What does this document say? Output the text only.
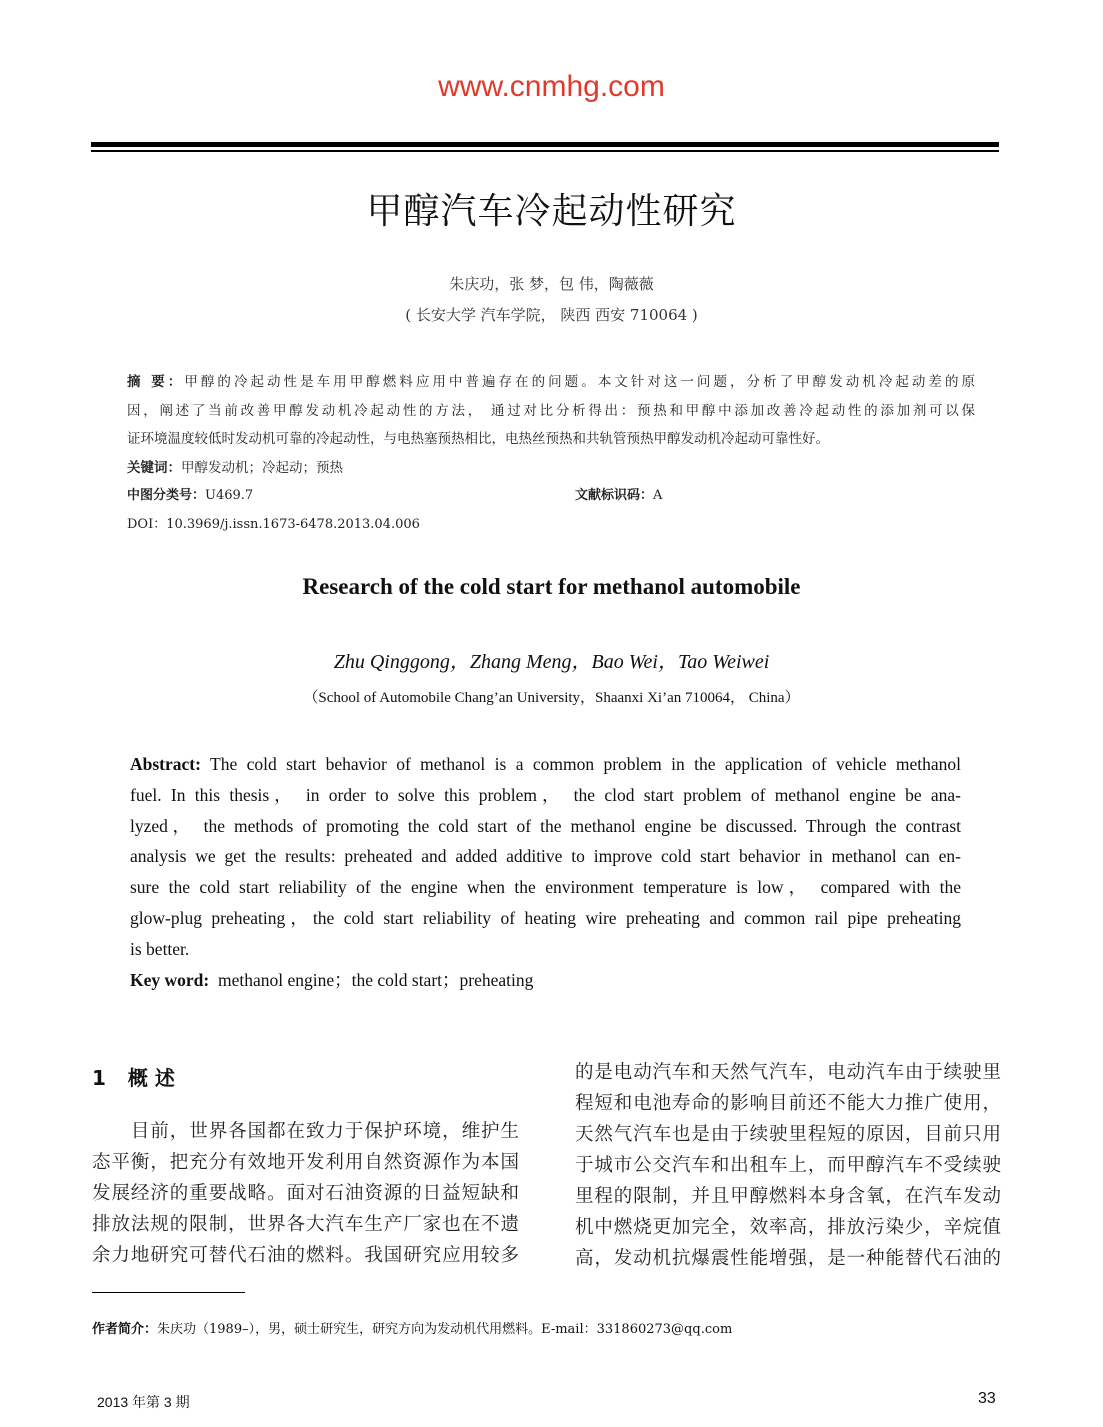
www.cnmhg.com
甲醇汽车冷起动性研究
朱庆功，张 梦，包 伟，陶薇薇
( 长安大学 汽车学院， 陕西 西安 710064 )
摘 要：甲醇的冷起动性是车用甲醇燃料应用中普遍存在的问题。本文针对这一问题，分析了甲醇发动机冷起动差的原
因，阐述了当前改善甲醇发动机冷起动性的方法， 通过对比分析得出：预热和甲醇中添加改善冷起动性的添加剂可以保
证环境温度较低时发动机可靠的冷起动性，与电热塞预热相比，电热丝预热和共轨管预热甲醇发动机冷起动可靠性好。
关键词：甲醇发动机；冷起动；预热
中图分类号：U469.7	文献标识码：A
DOI：10.3969/j.issn.1673-6478.2013.04.006
Research of the cold start for methanol automobile
Zhu Qinggong，Zhang Meng，Bao Wei，Tao Weiwei
（School of Automobile Chang’an University，Shaanxi Xi’an 710064， China）
Abstract: The cold start behavior of methanol is a common problem in the application of vehicle methanol
fuel. In this thesis， in order to solve this problem， the clod start problem of methanol engine be ana-
lyzed， the methods of promoting the cold start of the methanol engine be discussed. Through the contrast
analysis we get the results: preheated and added additive to improve cold start behavior in methanol can en-
sure the cold start reliability of the engine when the environment temperature is low， compared with the
glow-plug preheating，the cold start reliability of heating wire preheating and common rail pipe preheating
is better.
Key word: methanol engine；the cold start；preheating
1 概 述
　　目前，世界各国都在致力于保护环境，维护生
态平衡，把充分有效地开发利用自然资源作为本国
发展经济的重要战略。面对石油资源的日益短缺和
排放法规的限制，世界各大汽车生产厂家也在不遗
余力地研究可替代石油的燃料。我国研究应用较多
的是电动汽车和天然气汽车，电动汽车由于续驶里
程短和电池寿命的影响目前还不能大力推广使用，
天然气汽车也是由于续驶里程短的原因，目前只用
于城市公交汽车和出租车上，而甲醇汽车不受续驶
里程的限制，并且甲醇燃料本身含氧，在汽车发动
机中燃烧更加完全，效率高，排放污染少，辛烷值
高，发动机抗爆震性能增强，是一种能替代石油的
作者简介：朱庆功（1989–），男，硕士研究生，研究方向为发动机代用燃料。E-mail：331860273@qq.com
2013 年第 3 期	33
